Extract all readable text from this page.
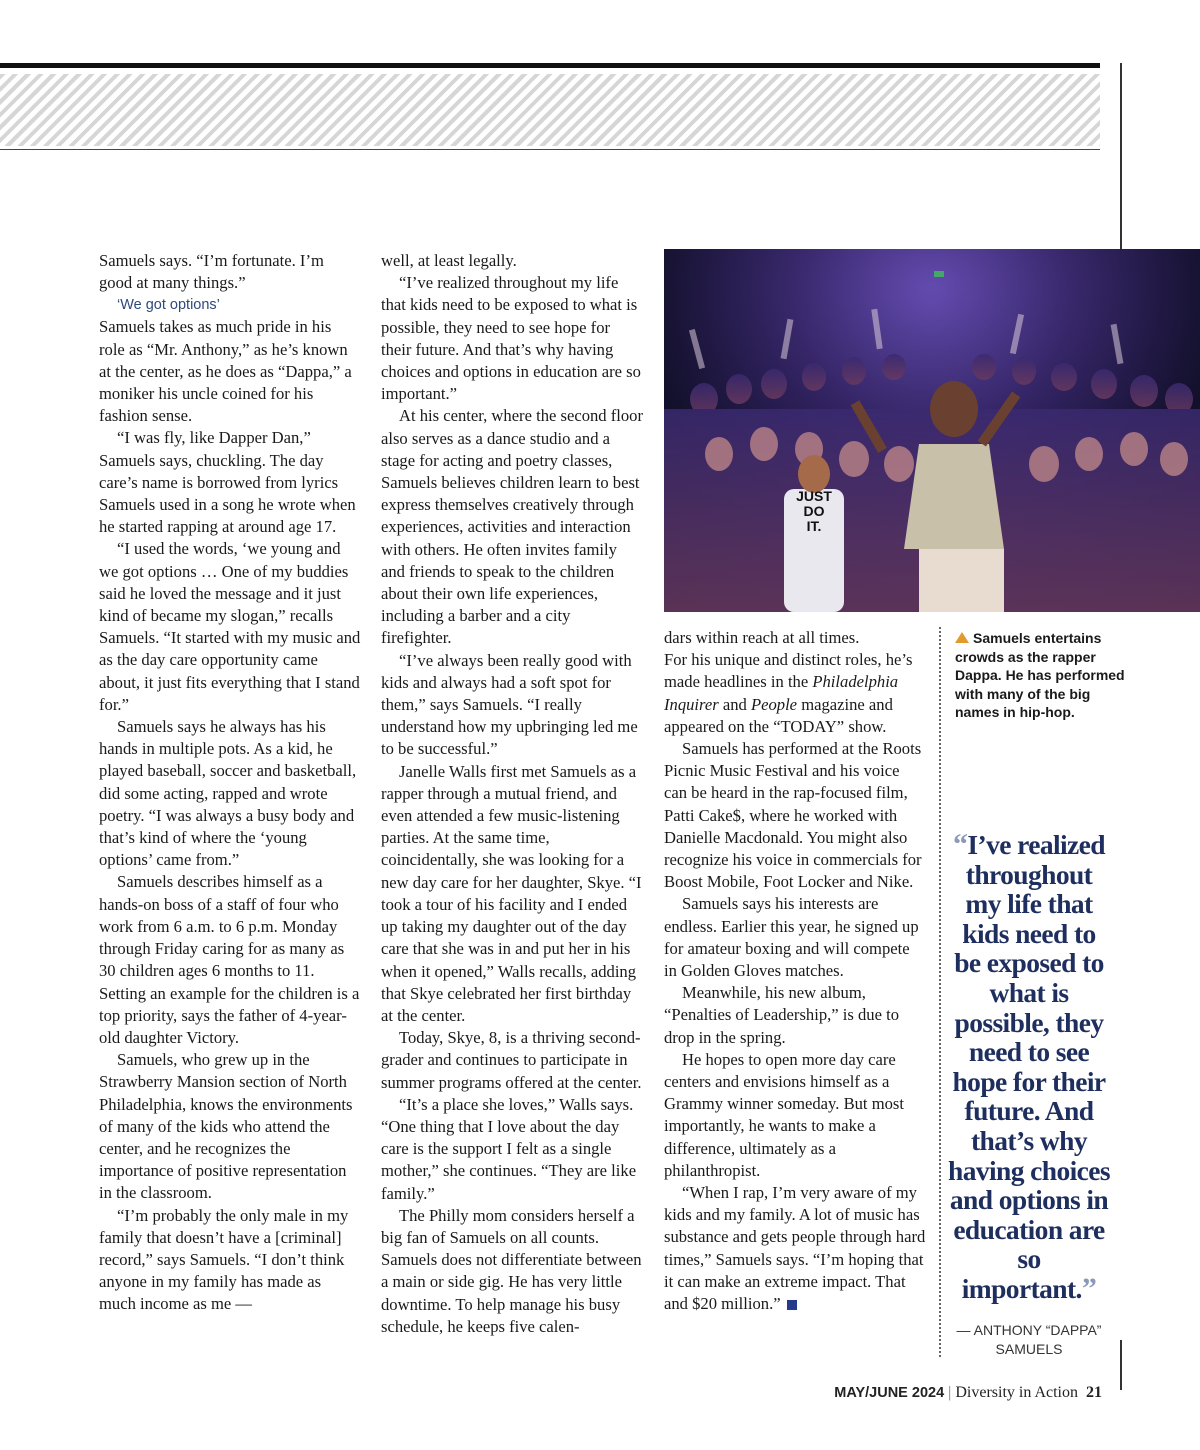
Samuels says. “I’m fortunate. I’m good at many things.”

‘We got options’

Samuels takes as much pride in his role as “Mr. Anthony,” as he’s known at the center, as he does as “Dappa,” a moniker his uncle coined for his fashion sense.

“I was fly, like Dapper Dan,” Samuels says, chuckling. The day care’s name is borrowed from lyrics Samuels used in a song he wrote when he started rapping at around age 17.

“I used the words, ‘we young and we got options … One of my buddies said he loved the message and it just kind of became my slogan,” recalls Samuels. “It started with my music and as the day care opportunity came about, it just fits everything that I stand for.”

Samuels says he always has his hands in multiple pots. As a kid, he played baseball, soccer and basketball, did some acting, rapped and wrote poetry. “I was always a busy body and that’s kind of where the ‘young options’ came from.”

Samuels describes himself as a hands-on boss of a staff of four who work from 6 a.m. to 6 p.m. Monday through Friday caring for as many as 30 children ages 6 months to 11. Setting an example for the children is a top priority, says the father of 4-year-old daughter Victory.

Samuels, who grew up in the Strawberry Mansion section of North Philadelphia, knows the environments of many of the kids who attend the center, and he recognizes the importance of positive representation in the classroom.

“I’m probably the only male in my family that doesn’t have a [criminal] record,” says Samuels. “I don’t think anyone in my family has made as much income as me —

well, at least legally.

“I’ve realized throughout my life that kids need to be exposed to what is possible, they need to see hope for their future. And that’s why having choices and options in education are so important.”

At his center, where the second floor also serves as a dance studio and a stage for acting and poetry classes, Samuels believes children learn to best express themselves creatively through experiences, activities and interaction with others. He often invites family and friends to speak to the children about their own life experiences, including a barber and a city firefighter.

“I’ve always been really good with kids and always had a soft spot for them,” says Samuels. “I really understand how my upbringing led me to be successful.”

Janelle Walls first met Samuels as a rapper through a mutual friend, and even attended a few music-listening parties. At the same time, coincidentally, she was looking for a new day care for her daughter, Skye. “I took a tour of his facility and I ended up taking my daughter out of the day care that she was in and put her in his when it opened,” Walls recalls, adding that Skye celebrated her first birthday at the center.

Today, Skye, 8, is a thriving second-grader and continues to participate in summer programs offered at the center.

“It’s a place she loves,” Walls says. “One thing that I love about the day care is the support I felt as a single mother,” she continues. “They are like family.”

The Philly mom considers herself a big fan of Samuels on all counts. Samuels does not differentiate between a main or side gig. He has very little downtime. To help manage his busy schedule, he keeps five calen-

JUST DO IT.

dars within reach at all times.

For his unique and distinct roles, he’s made headlines in the Philadelphia Inquirer and People magazine and appeared on the “TODAY” show.

Samuels has performed at the Roots Picnic Music Festival and his voice can be heard in the rap-focused film, Patti Cake$, where he worked with Danielle Macdonald. You might also recognize his voice in commercials for Boost Mobile, Foot Locker and Nike.

Samuels says his interests are endless. Earlier this year, he signed up for amateur boxing and will compete in Golden Gloves matches.

Meanwhile, his new album, “Penalties of Leadership,” is due to drop in the spring.

He hopes to open more day care centers and envisions himself as a Grammy winner someday. But most importantly, he wants to make a difference, ultimately as a philanthropist.

“When I rap, I’m very aware of my kids and my family. A lot of music has substance and gets people through hard times,” Samuels says. “I’m hoping that it can make an extreme impact. That and $20 million.”

Samuels entertains crowds as the rapper Dappa. He has performed with many of the big names in hip-hop.
“I’ve realized throughout my life that kids need to be exposed to what is possible, they need to see hope for their future. And that’s why having choices and options in education are so important.”
— ANTHONY “DAPPA” SAMUELS
MAY/JUNE 2024 | Diversity in Action 21
